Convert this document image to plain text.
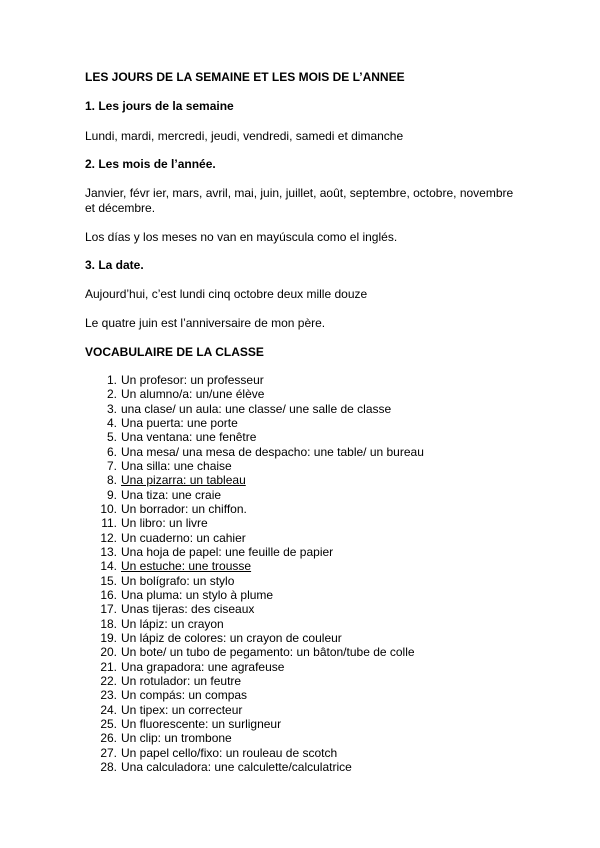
LES JOURS DE LA SEMAINE ET LES MOIS DE L’ANNEE

1. Les jours de la semaine

Lundi, mardi, mercredi, jeudi, vendredi, samedi et dimanche

2. Les mois de l’année.

Janvier, févr ier, mars, avril, mai, juin, juillet, août, septembre, octobre, novembre et décembre.

Los días y los meses no van en mayúscula como el inglés.

3. La date.

Aujourd’hui, c’est lundi cinq octobre deux mille douze

Le quatre juin est l’anniversaire de mon père.

VOCABULAIRE DE LA CLASSE

1. Un profesor: un professeur
2. Un alumno/a: un/une élève
3. una clase/ un aula: une classe/ une salle de classe
4. Una puerta: une porte
5. Una ventana: une fenêtre
6. Una mesa/ una mesa de despacho: une table/ un bureau
7. Una silla: une chaise
8. Una pizarra: un tableau
9. Una tiza: une craie
10. Un borrador: un chiffon.
11. Un libro: un livre
12. Un cuaderno: un cahier
13. Una hoja de papel: une feuille de papier
14. Un estuche: une trousse
15. Un bolígrafo: un stylo
16. Una pluma: un stylo à plume
17. Unas tijeras: des ciseaux
18. Un lápiz: un crayon
19. Un lápiz de colores: un crayon de couleur
20. Un bote/ un tubo de pegamento: un bâton/tube de colle
21. Una grapadora: une agrafeuse
22. Un rotulador: un feutre
23. Un compás: un compas
24. Un tipex: un correcteur
25. Un fluorescente: un surligneur
26. Un clip: un trombone
27. Un papel cello/fixo: un rouleau de scotch
28. Una calculadora: une calculette/calculatrice
